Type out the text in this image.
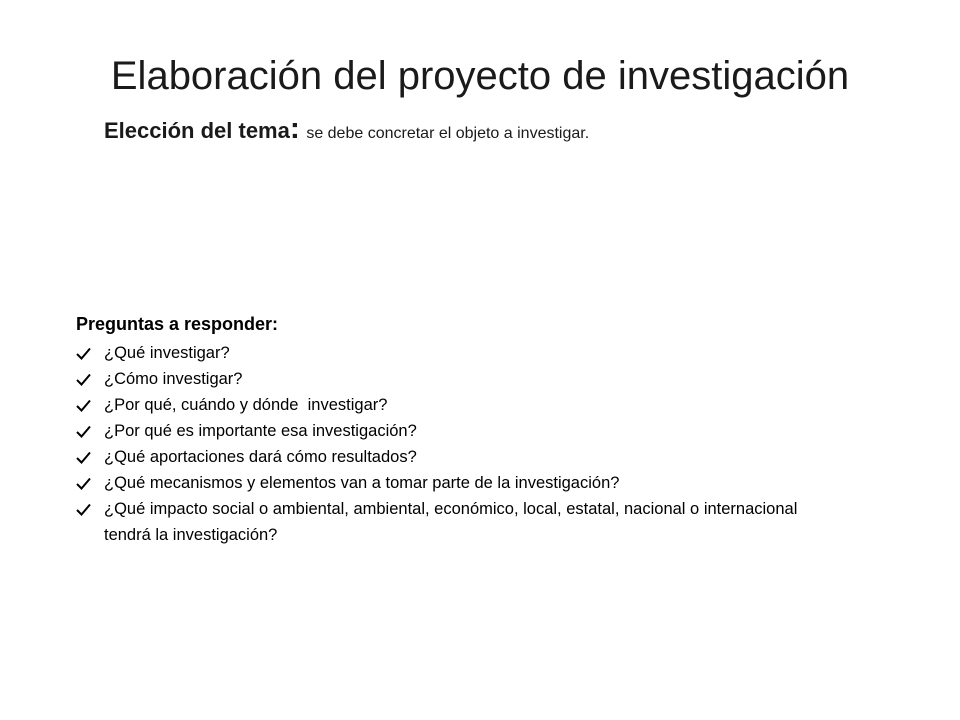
Elaboración del proyecto de investigación
Elección del tema: se debe concretar el objeto a investigar.
Preguntas a responder:
¿Qué investigar?
¿Cómo investigar?
¿Por qué, cuándo y dónde  investigar?
¿Por qué es importante esa investigación?
¿Qué aportaciones dará cómo resultados?
¿Qué mecanismos y elementos van a tomar parte de la investigación?
¿Qué impacto social o ambiental, ambiental, económico, local, estatal, nacional o internacional tendrá la investigación?
